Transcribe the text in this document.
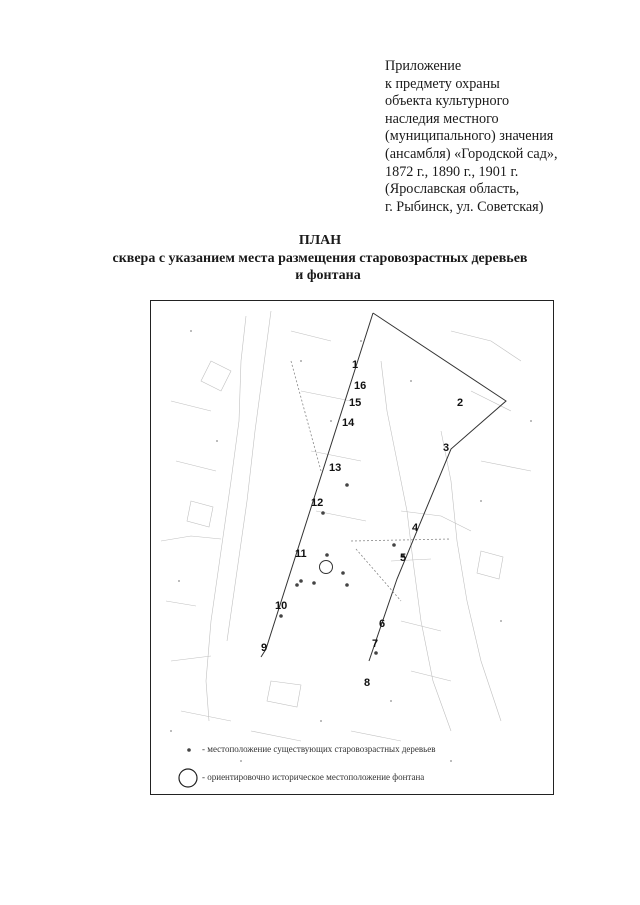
Приложение
к предмету охраны
объекта культурного
наследия местного
(муниципального) значения
(ансамбля) «Городской сад»,
1872 г., 1890 г., 1901 г.
(Ярославская область,
г. Рыбинск, ул. Советская)
ПЛАН
сквера с указанием места размещения старовозрастных деревьев
и фонтана
1
16
15
14
13
12
11
10
9
2
3
4
5
6
7
8
- местоположение существующих старовозрастных деревьев
- ориентировочно историческое местоположение фонтана
